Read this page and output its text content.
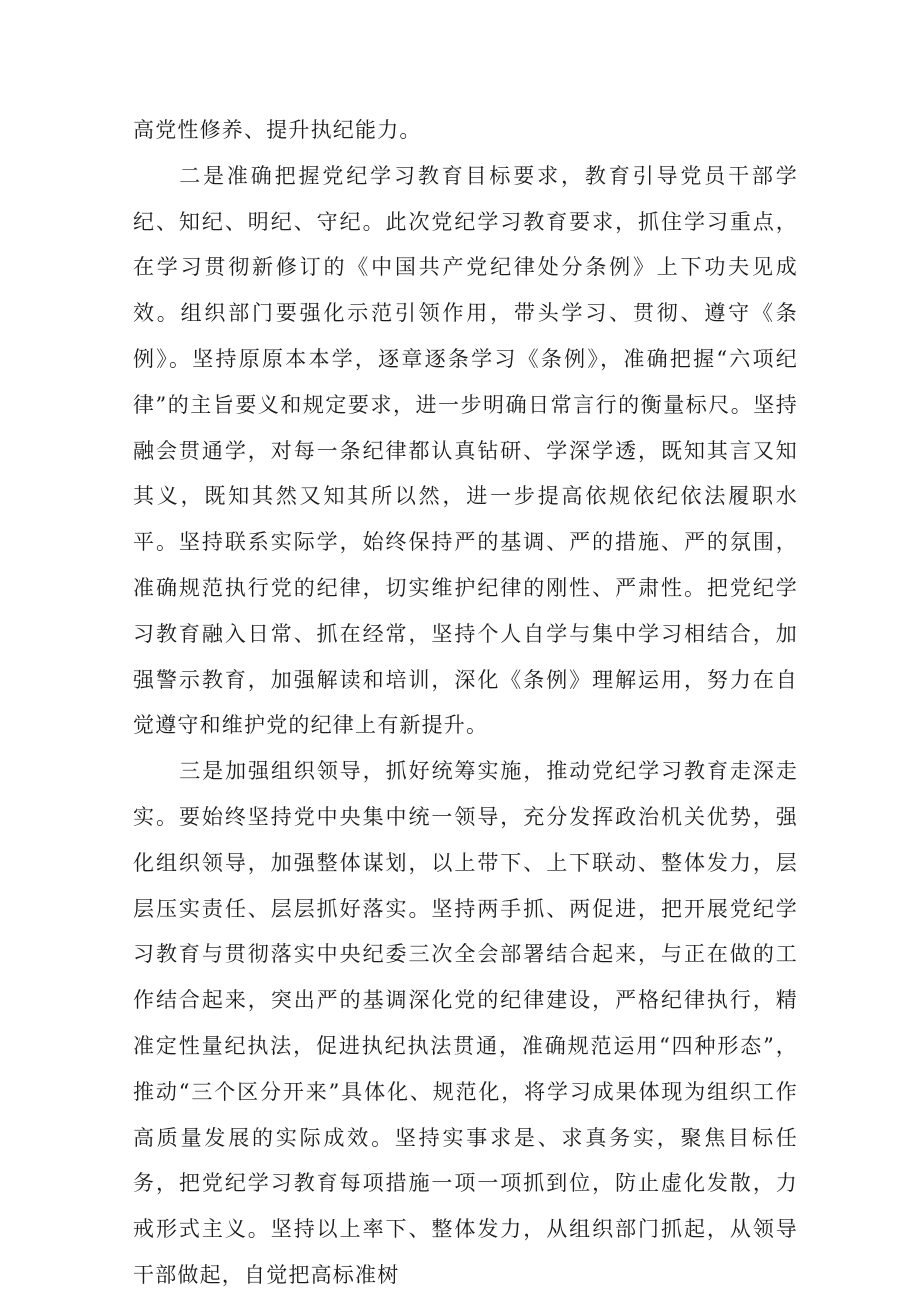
高党性修养、提升执纪能力。

二是准确把握党纪学习教育目标要求，教育引导党员干部学纪、知纪、明纪、守纪。此次党纪学习教育要求，抓住学习重点，在学习贯彻新修订的《中国共产党纪律处分条例》上下功夫见成效。组织部门要强化示范引领作用，带头学习、贯彻、遵守《条例》。坚持原原本本学，逐章逐条学习《条例》，准确把握“六项纪律”的主旨要义和规定要求，进一步明确日常言行的衡量标尺。坚持融会贯通学，对每一条纪律都认真钻研、学深学透，既知其言又知其义，既知其然又知其所以然，进一步提高依规依纪依法履职水平。坚持联系实际学，始终保持严的基调、严的措施、严的氛围，准确规范执行党的纪律，切实维护纪律的刚性、严肃性。把党纪学习教育融入日常、抓在经常，坚持个人自学与集中学习相结合，加强警示教育，加强解读和培训，深化《条例》理解运用，努力在自觉遵守和维护党的纪律上有新提升。

三是加强组织领导，抓好统筹实施，推动党纪学习教育走深走实。要始终坚持党中央集中统一领导，充分发挥政治机关优势，强化组织领导，加强整体谋划，以上带下、上下联动、整体发力，层层压实责任、层层抓好落实。坚持两手抓、两促进，把开展党纪学习教育与贯彻落实中央纪委三次全会部署结合起来，与正在做的工作结合起来，突出严的基调深化党的纪律建设，严格纪律执行，精准定性量纪执法，促进执纪执法贯通，准确规范运用“四种形态”，推动“三个区分开来”具体化、规范化，将学习成果体现为组织工作高质量发展的实际成效。坚持实事求是、求真务实，聚焦目标任务，把党纪学习教育每项措施一项一项抓到位，防止虚化发散，力戒形式主义。坚持以上率下、整体发力，从组织部门抓起，从领导干部做起，自觉把高标准树
